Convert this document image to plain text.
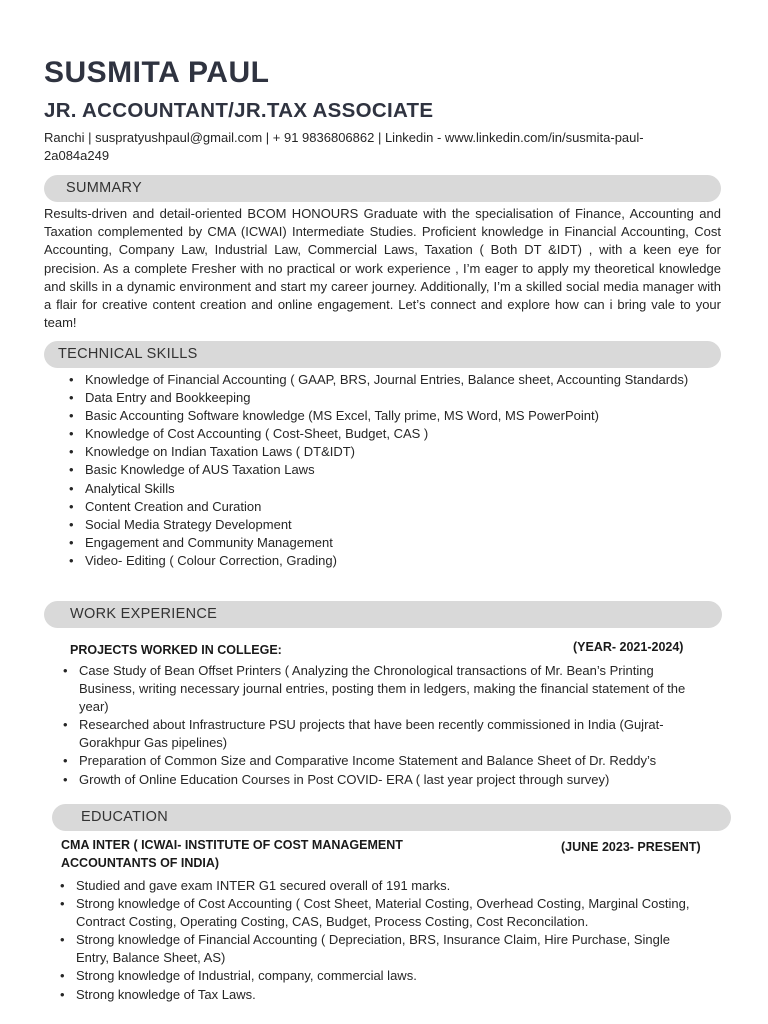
SUSMITA PAUL
JR. ACCOUNTANT/JR.TAX ASSOCIATE
Ranchi | suspratyushpaul@gmail.com | + 91 9836806862 | Linkedin - www.linkedin.com/in/susmita-paul-2a084a249
SUMMARY
Results-driven and detail-oriented BCOM HONOURS Graduate with the specialisation of Finance, Accounting and Taxation complemented by CMA (ICWAI) Intermediate Studies. Proficient knowledge in Financial Accounting, Cost Accounting, Company Law, Industrial Law, Commercial Laws, Taxation ( Both DT &IDT) , with a keen eye for precision. As a complete Fresher with no practical or work experience , I’m eager to apply my theoretical knowledge and skills in a dynamic environment and start my career journey. Additionally, I’m a skilled social media manager with a flair for creative content creation and online engagement. Let’s connect and explore how can i bring vale to your team!
TECHNICAL SKILLS
• Knowledge of Financial Accounting ( GAAP, BRS, Journal Entries, Balance sheet, Accounting Standards)
• Data Entry and Bookkeeping
• Basic Accounting Software knowledge (MS Excel, Tally prime, MS Word, MS PowerPoint)
• Knowledge of Cost Accounting ( Cost-Sheet, Budget, CAS )
• Knowledge on Indian Taxation Laws ( DT&IDT)
• Basic Knowledge of AUS Taxation Laws
• Analytical Skills
• Content Creation and Curation
• Social Media Strategy Development
• Engagement and Community Management
• Video- Editing ( Colour Correction, Grading)
WORK EXPERIENCE
PROJECTS WORKED IN COLLEGE:	(YEAR- 2021-2024)
• Case Study of Bean Offset Printers ( Analyzing the Chronological transactions of Mr. Bean’s Printing Business, writing necessary journal entries, posting them in ledgers, making the financial statement of the year)
• Researched about Infrastructure PSU projects that have been recently commissioned in India (Gujrat- Gorakhpur Gas pipelines)
• Preparation of Common Size and Comparative Income Statement and Balance Sheet of Dr. Reddy’s
• Growth of Online Education Courses in Post COVID- ERA ( last year project through survey)
EDUCATION
CMA INTER ( ICWAI- INSTITUTE OF COST MANAGEMENT ACCOUNTANTS OF INDIA)
(JUNE 2023- PRESENT)
• Studied and gave exam INTER G1 secured overall of 191 marks.
• Strong knowledge of Cost Accounting ( Cost Sheet, Material Costing, Overhead Costing, Marginal Costing, Contract Costing, Operating Costing, CAS, Budget, Process Costing, Cost Reconcilation.
• Strong knowledge of Financial Accounting ( Depreciation, BRS, Insurance Claim, Hire Purchase, Single Entry, Balance Sheet, AS)
• Strong knowledge of Industrial, company, commercial laws.
• Strong knowledge of Tax Laws.
